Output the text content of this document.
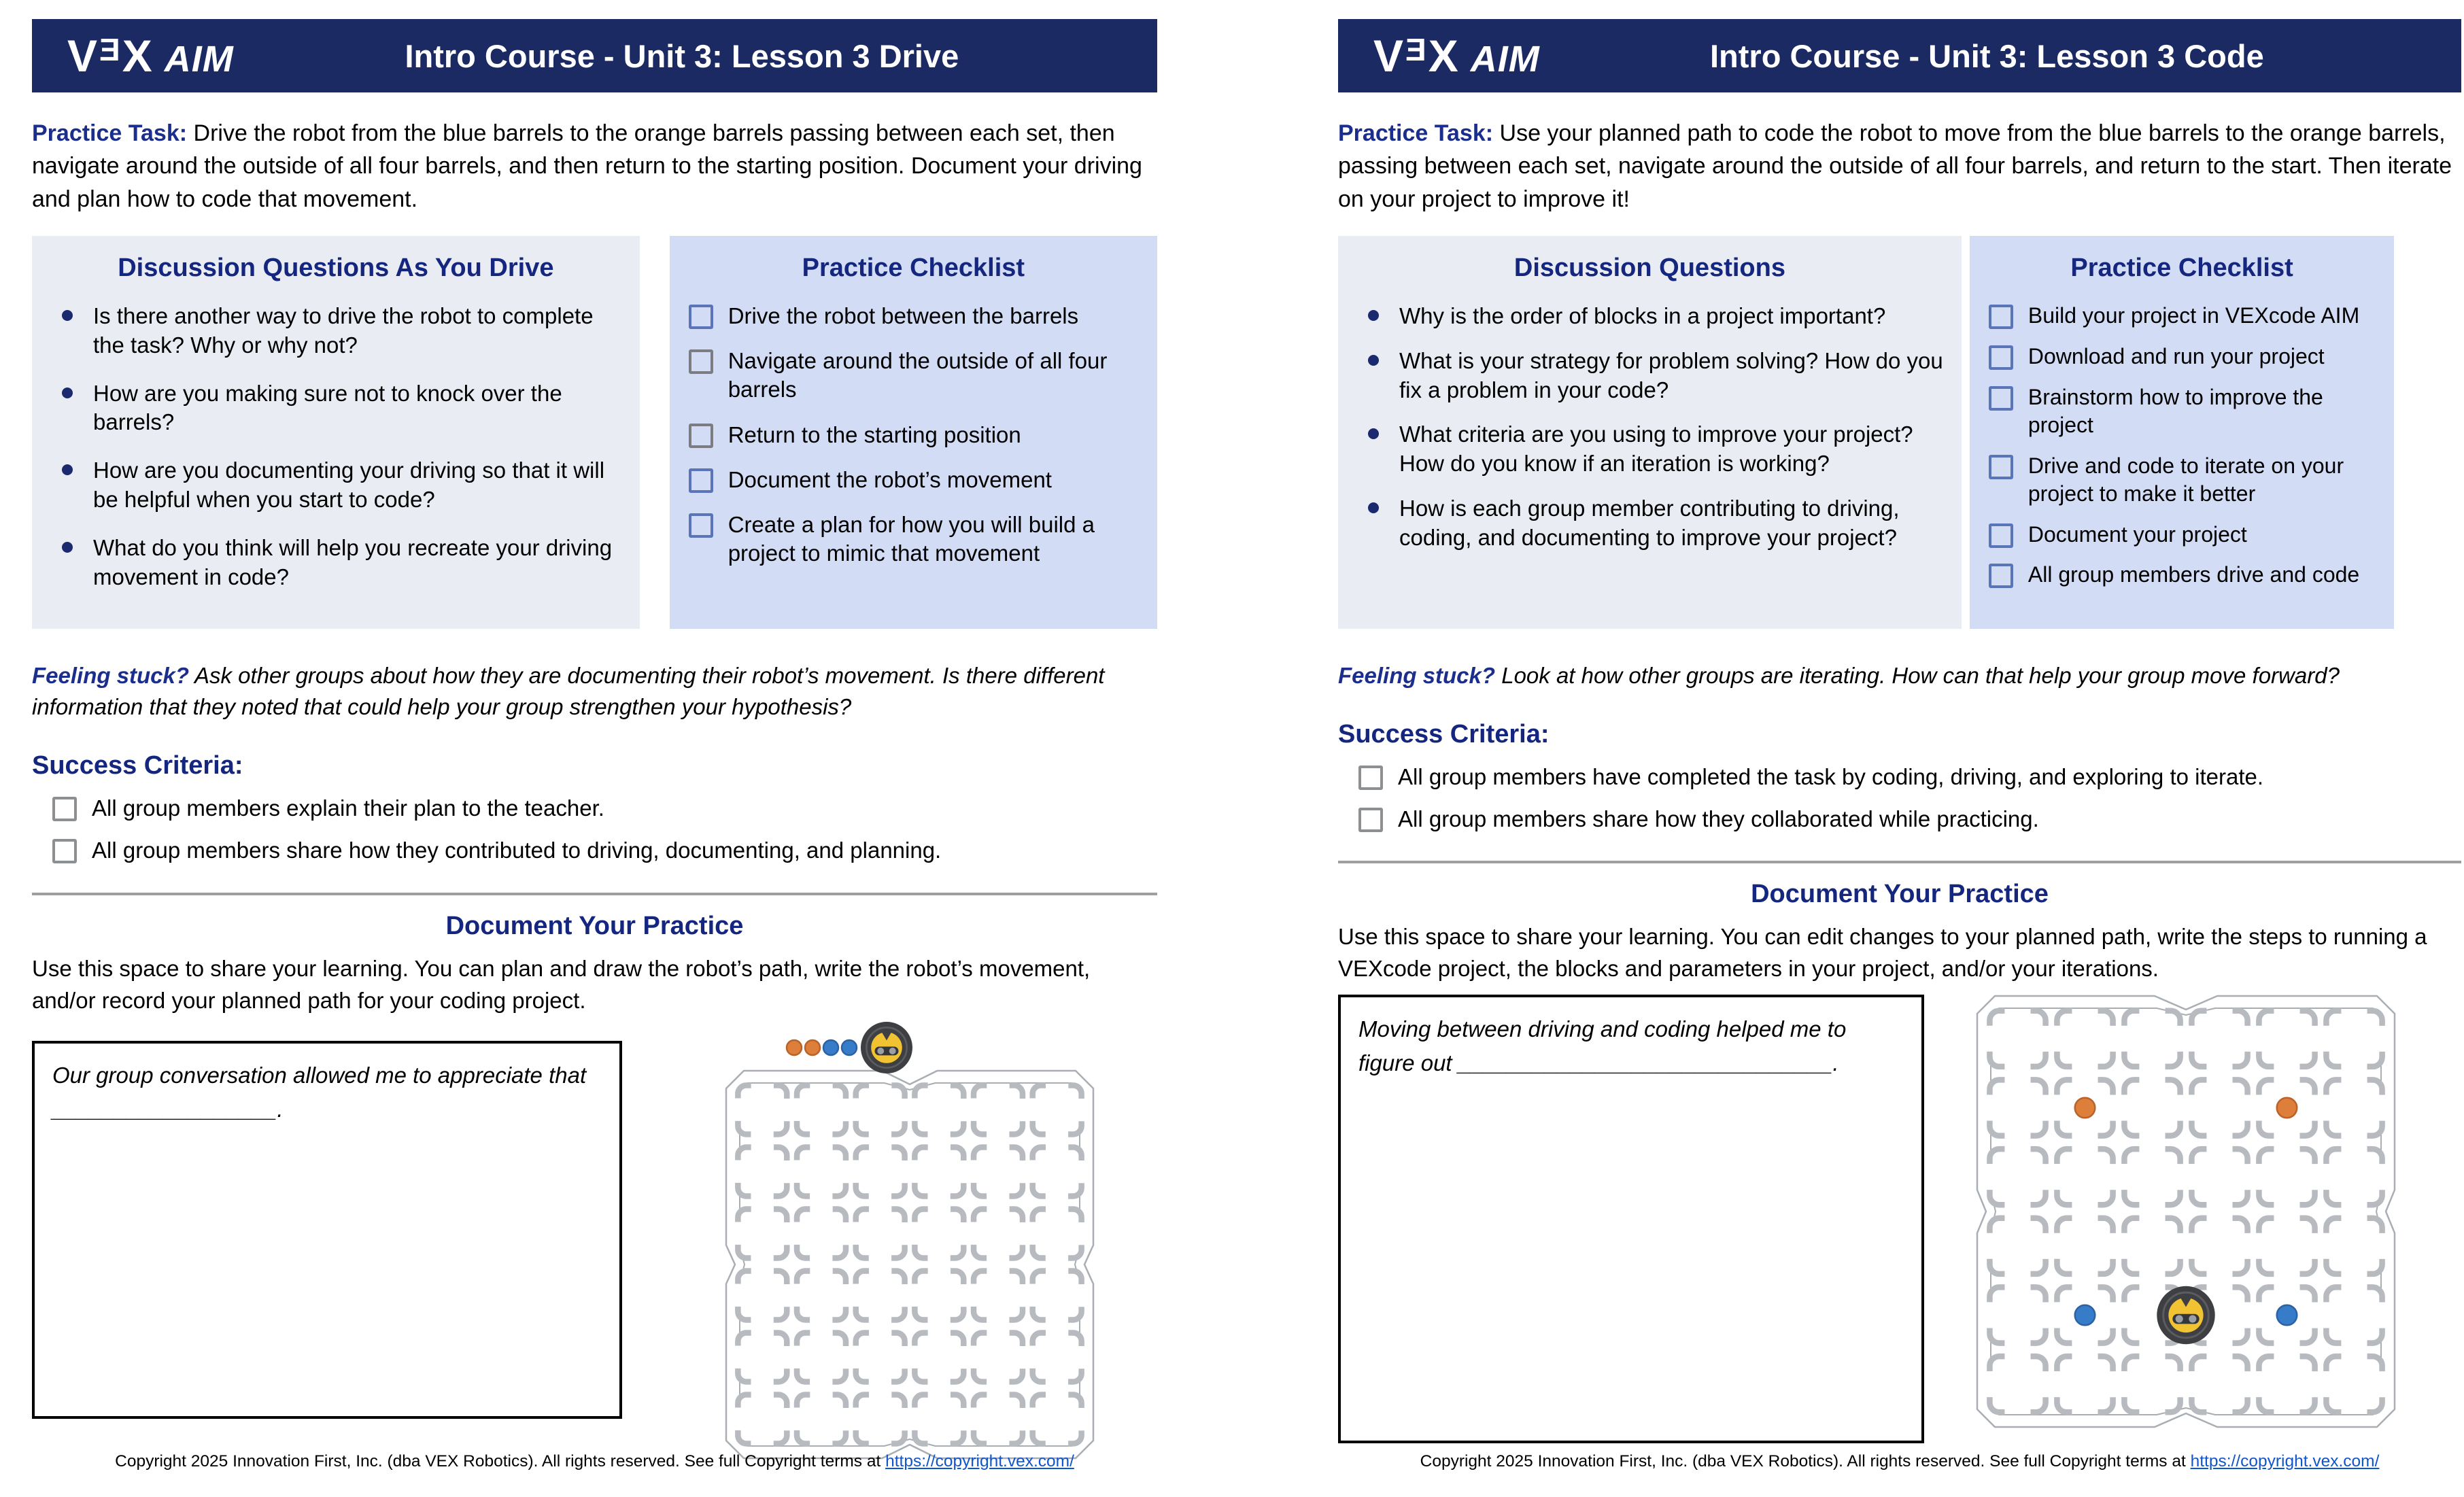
V Ǝ X AIM	Intro Course - Unit 3: Lesson 3 Drive
Practice Task: Drive the robot from the blue barrels to the orange barrels passing between each set, then navigate around the outside of all four barrels, and then return to the starting position. Document your driving and plan how to code that movement.
Discussion Questions As You Drive
Is there another way to drive the robot to complete the task? Why or why not?
How are you making sure not to knock over the barrels?
How are you documenting your driving so that it will be helpful when you start to code?
What do you think will help you recreate your driving movement in code?
Practice Checklist
Drive the robot between the barrels
Navigate around the outside of all four barrels
Return to the starting position
Document the robot’s movement
Create a plan for how you will build a project to mimic that movement
Feeling stuck? Ask other groups about how they are documenting their robot’s movement. Is there different information that they noted that could help your group strengthen your hypothesis?
Success Criteria:
All group members explain their plan to the teacher.
All group members share how they contributed to driving, documenting, and planning.
Document Your Practice
Use this space to share your learning. You can plan and draw the robot’s path, write the robot’s movement, and/or record your planned path for your coding project.
Our group conversation allowed me to appreciate that __________________.
Copyright 2025 Innovation First, Inc. (dba VEX Robotics). All rights reserved. See full Copyright terms at https://copyright.vex.com/
V Ǝ X AIM	Intro Course - Unit 3: Lesson 3 Code
Practice Task: Use your planned path to code the robot to move from the blue barrels to the orange barrels, passing between each set, navigate around the outside of all four barrels, and return to the start. Then iterate on your project to improve it!
Discussion Questions
Why is the order of blocks in a project important?
What is your strategy for problem solving? How do you fix a problem in your code?
What criteria are you using to improve your project? How do you know if an iteration is working?
How is each group member contributing to driving, coding, and documenting to improve your project?
Practice Checklist
Build your project in VEXcode AIM
Download and run your project
Brainstorm how to improve the project
Drive and code to iterate on your project to make it better
Document your project
All group members drive and code
Feeling stuck? Look at how other groups are iterating. How can that help your group move forward?
Success Criteria:
All group members have completed the task by coding, driving, and exploring to iterate.
All group members share how they collaborated while practicing.
Document Your Practice
Use this space to share your learning. You can edit changes to your planned path, write the steps to running a VEXcode project, the blocks and parameters in your project, and/or your iterations.
Moving between driving and coding helped me to figure out ______________________________.
Copyright 2025 Innovation First, Inc. (dba VEX Robotics). All rights reserved. See full Copyright terms at https://copyright.vex.com/
